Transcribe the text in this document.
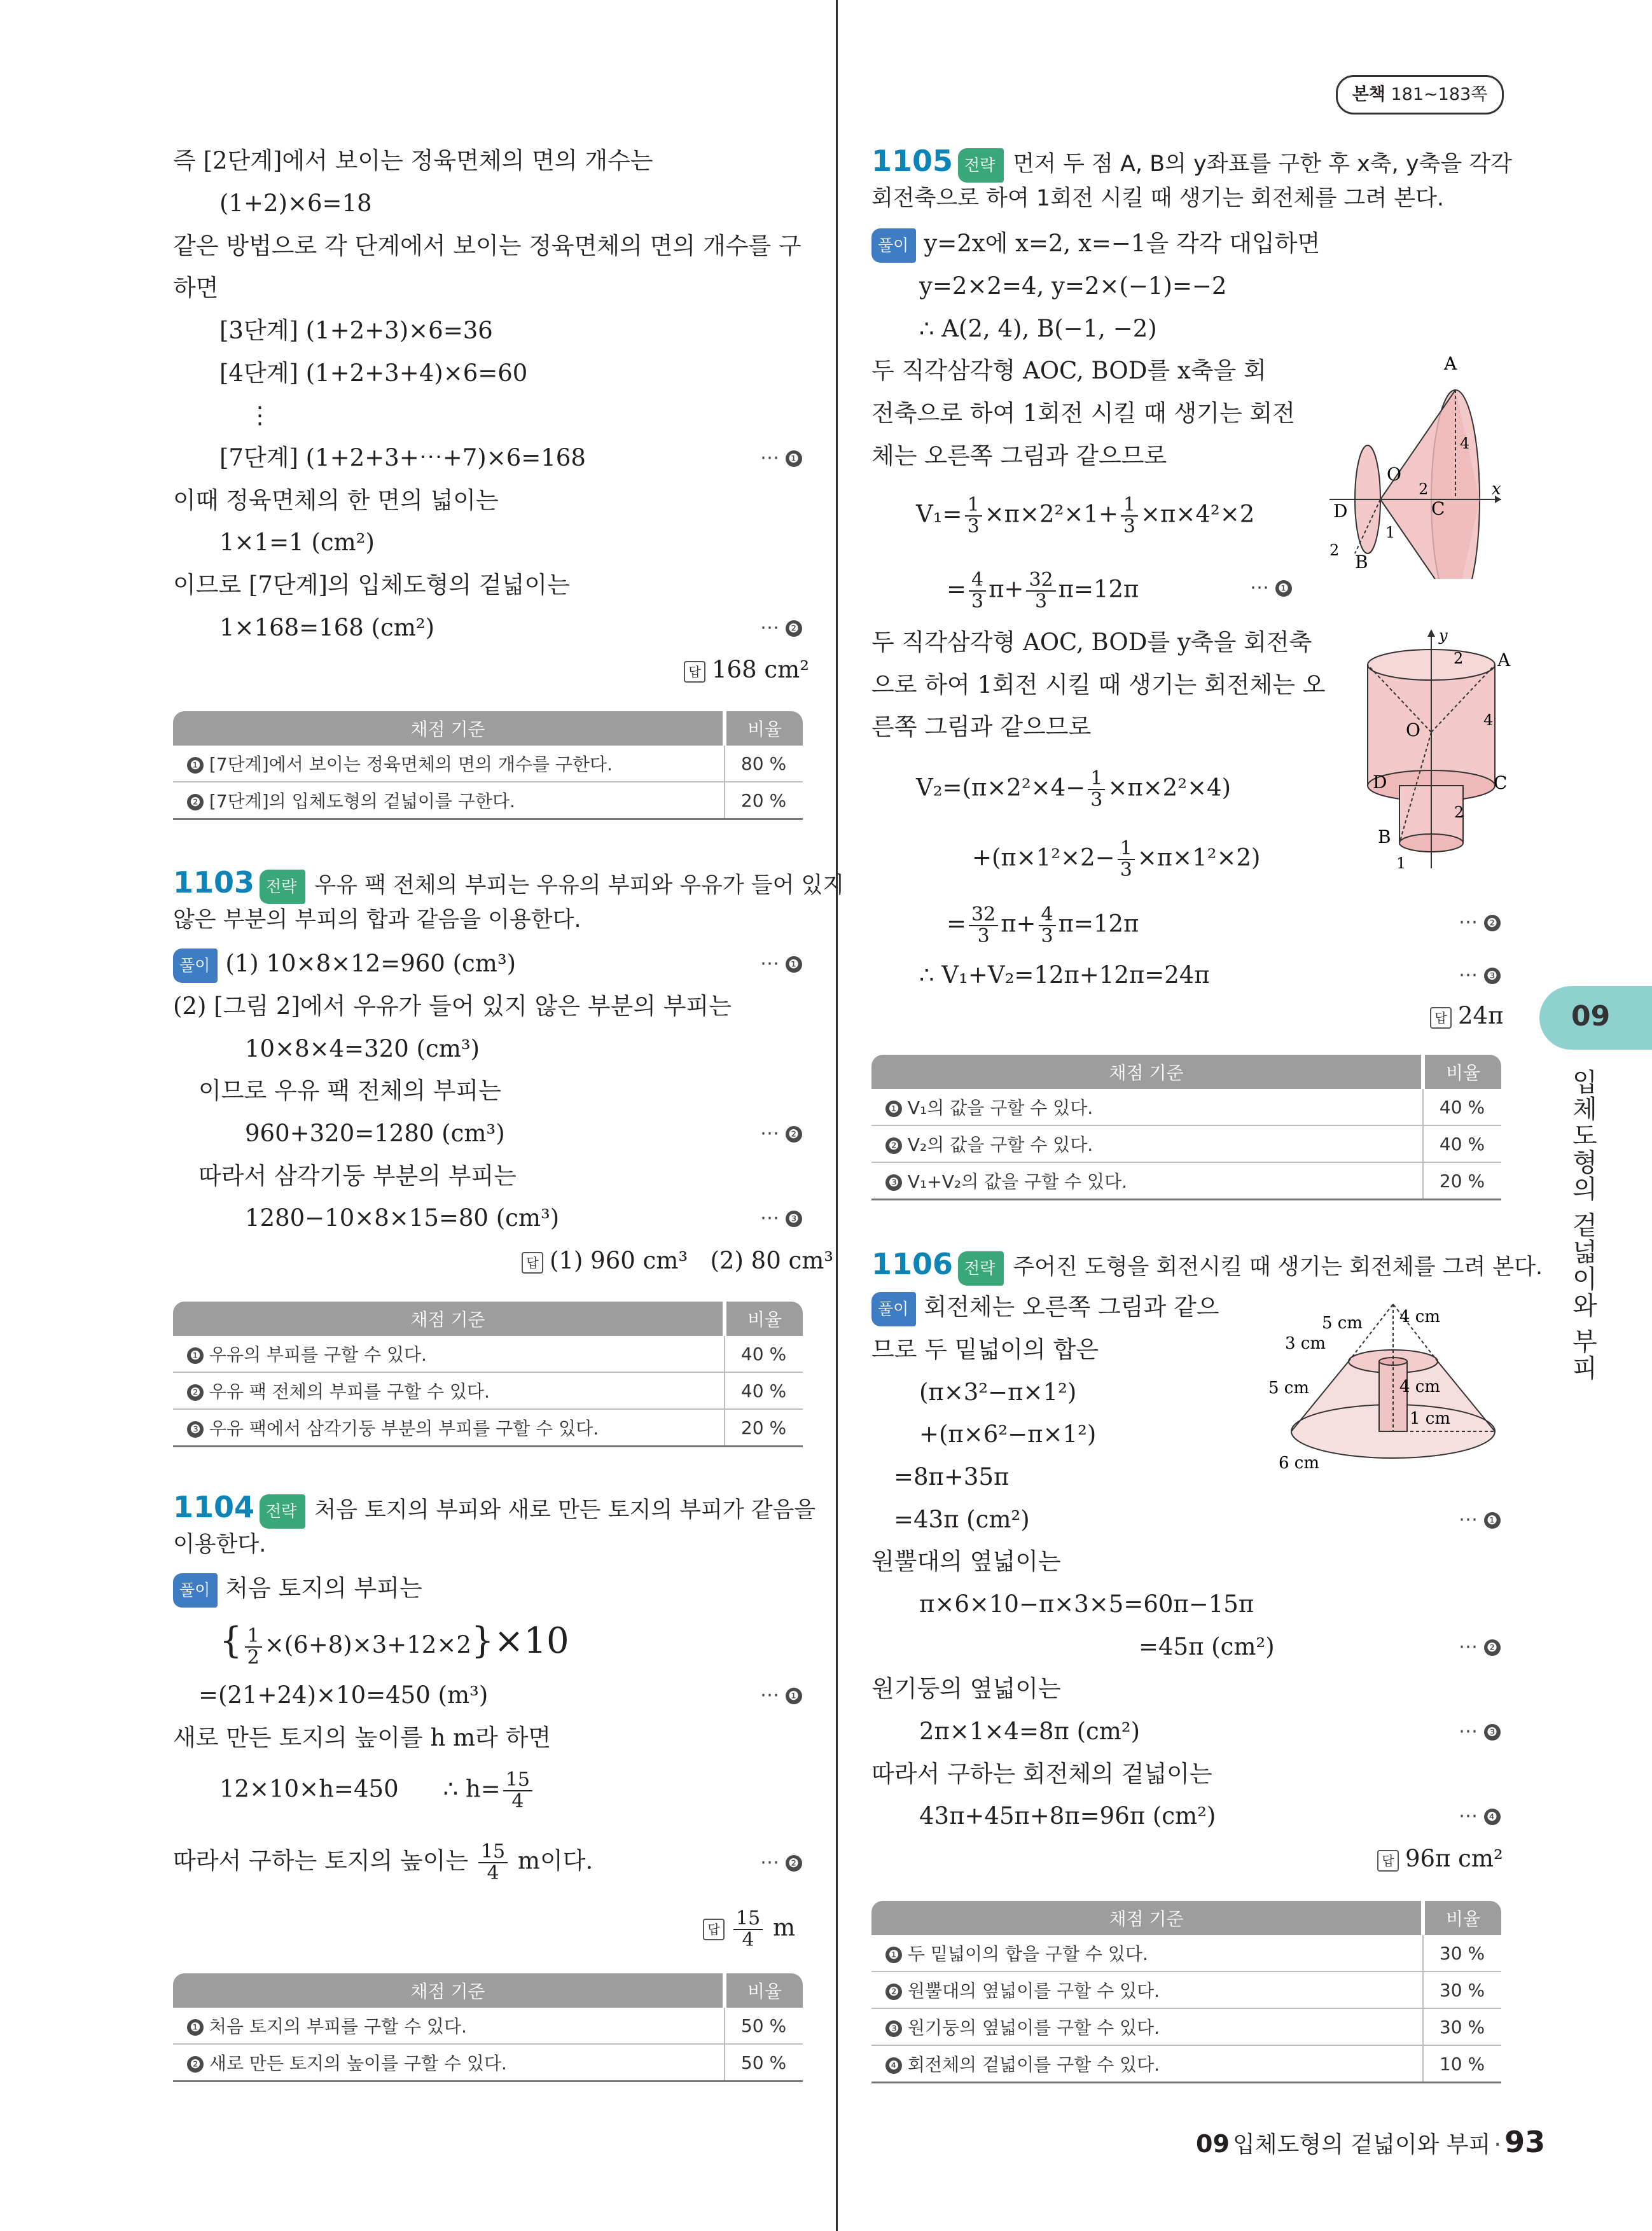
본책 181~183쪽
즉 [2단계]에서 보이는 정육면체의 면의 개수는
(1+2)×6=18
같은 방법으로 각 단계에서 보이는 정육면체의 면의 개수를 구
하면
[3단계] (1+2+3)×6=36
[4단계] (1+2+3+4)×6=60
⋮
[7단계] (1+2+3+⋯+7)×6=168	⋯ ❶
이때 정육면체의 한 면의 넓이는
1×1=1 (cm²)
이므로 [7단계]의 입체도형의 겉넓이는
1×168=168 (cm²)	⋯ ❷
답 168 cm²
채점 기준	비율
❶ [7단계]에서 보이는 정육면체의 면의 개수를 구한다.	80 %
❷ [7단계]의 입체도형의 겉넓이를 구한다.	20 %
1103 전략 우유 팩 전체의 부피는 우유의 부피와 우유가 들어 있지
않은 부분의 부피의 합과 같음을 이용한다.
풀이 (1) 10×8×12=960 (cm³)	⋯ ❶
(2) [그림 2]에서 우유가 들어 있지 않은 부분의 부피는
10×8×4=320 (cm³)
이므로 우유 팩 전체의 부피는
960+320=1280 (cm³)	⋯ ❷
따라서 삼각기둥 부분의 부피는
1280−10×8×15=80 (cm³)	⋯ ❸
답 (1) 960 cm³   (2) 80 cm³
채점 기준	비율
❶ 우유의 부피를 구할 수 있다.	40 %
❷ 우유 팩 전체의 부피를 구할 수 있다.	40 %
❸ 우유 팩에서 삼각기둥 부분의 부피를 구할 수 있다.	20 %
1104 전략 처음 토지의 부피와 새로 만든 토지의 부피가 같음을
이용한다.
풀이 처음 토지의 부피는
{ $\frac{1}{2} \times(6+8)\times 3+12\times 2\}\times 10$
=(21+24)×10=450 (m³)	⋯ ❶
새로 만든 토지의 높이를 h m라 하면
12×10×h=450 ∴ $h= \frac{15}{4}$
따라서 구하는 토지의 높이는 $\frac{15}{4}$ m이다.	⋯ ❷
답 $\frac{15}{4}$ m
채점 기준	비율
❶ 처음 토지의 부피를 구할 수 있다.	50 %
❷ 새로 만든 토지의 높이를 구할 수 있다.	50 %
1105 전략 먼저 두 점 A, B의 y좌표를 구한 후 x축, y축을 각각
회전축으로 하여 1회전 시킬 때 생기는 회전체를 그려 본다.
풀이 y=2x에 x=2, x=−1을 각각 대입하면
y=2×2=4, y=2×(−1)=−2
∴ A(2, 4), B(−1, −2)
두 직각삼각형 AOC, BOD를 x축을 회
전축으로 하여 1회전 시킬 때 생기는 회전
체는 오른쪽 그림과 같으므로
$V_1= \frac{1}{3} \times\pi\times 2^2\times 1+ \frac{1}{3} \times\pi\times 4^2\times 2$
= $\frac{4}{3} \pi+ \frac{32}{3} \pi=12\pi$	⋯ ❶
A
O
C
D
B
x
4
2
1
2
두 직각삼각형 AOC, BOD를 y축을 회전축
으로 하여 1회전 시킬 때 생기는 회전체는 오
른쪽 그림과 같으므로
$V_2=(\pi\times 2^2\times 4- \frac{1}{3} \times\pi\times 2^2\times 4)$
$+(\pi\times 1^2\times 2- \frac{1}{3} \times\pi\times 1^2\times 2)$
= $\frac{32}{3} \pi+ \frac{4}{3} \pi=12\pi$	⋯ ❷
∴ V₁+V₂=12π+12π=24π	⋯ ❸
답 24π
y
A
O
C
D
B
2
4
2
1
채점 기준	비율
❶ V₁의 값을 구할 수 있다.	40 %
❷ V₂의 값을 구할 수 있다.	40 %
❸ V₁+V₂의 값을 구할 수 있다.	20 %
1106 전략 주어진 도형을 회전시킬 때 생기는 회전체를 그려 본다.
풀이 회전체는 오른쪽 그림과 같으
므로 두 밑넓이의 합은
(π×3²−π×1²)
+(π×6²−π×1²)
=8π+35π
=43π (cm²)	⋯ ❶
5 cm 4 cm
3 cm
5 cm	4 cm
1 cm
6 cm
원뿔대의 옆넓이는
π×6×10−π×3×5=60π−15π
=45π (cm²)	⋯ ❷
원기둥의 옆넓이는
2π×1×4=8π (cm²)	⋯ ❸
따라서 구하는 회전체의 겉넓이는
43π+45π+8π=96π (cm²)	⋯ ❹
답 96π cm²
채점 기준	비율
❶ 두 밑넓이의 합을 구할 수 있다.	30 %
❷ 원뿔대의 옆넓이를 구할 수 있다.	30 %
❸ 원기둥의 옆넓이를 구할 수 있다.	30 %
❹ 회전체의 겉넓이를 구할 수 있다.	10 %
09
입체도형의 겉넓이와 부피
09 입체도형의 겉넓이와 부피 · 93
